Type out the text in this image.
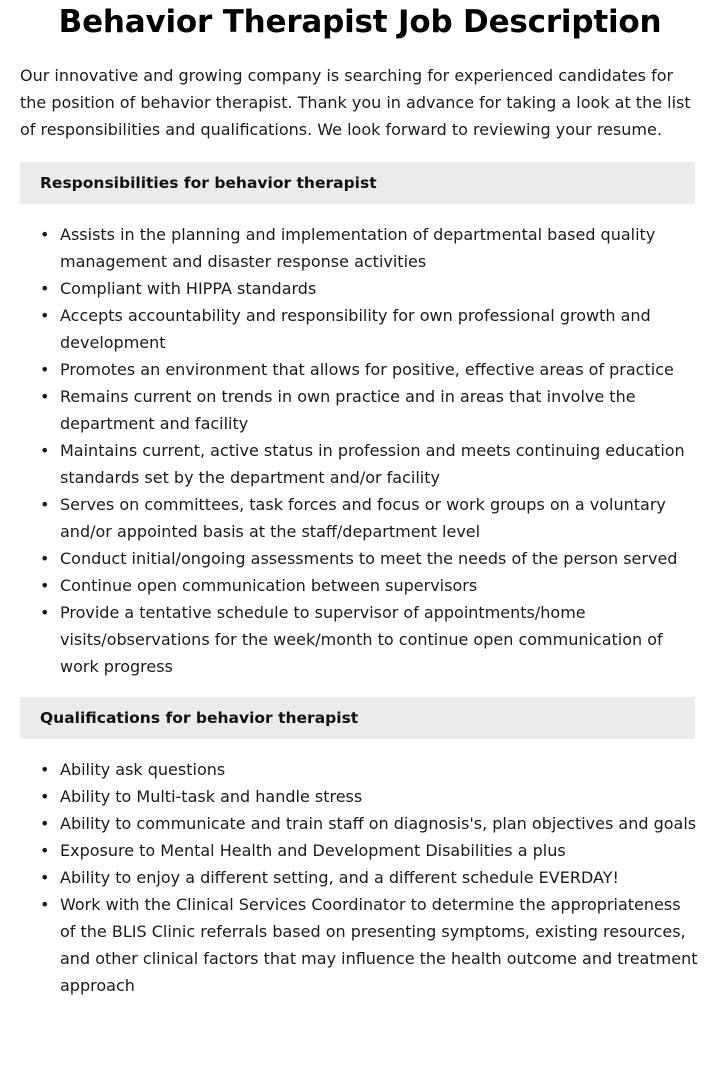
Behavior Therapist Job Description

Our innovative and growing company is searching for experienced candidates for the position of behavior therapist. Thank you in advance for taking a look at the list of responsibilities and qualifications. We look forward to reviewing your resume.

Responsibilities for behavior therapist
• Assists in the planning and implementation of departmental based quality management and disaster response activities
• Compliant with HIPPA standards
• Accepts accountability and responsibility for own professional growth and development
• Promotes an environment that allows for positive, effective areas of practice
• Remains current on trends in own practice and in areas that involve the department and facility
• Maintains current, active status in profession and meets continuing education standards set by the department and/or facility
• Serves on committees, task forces and focus or work groups on a voluntary and/or appointed basis at the staff/department level
• Conduct initial/ongoing assessments to meet the needs of the person served
• Continue open communication between supervisors
• Provide a tentative schedule to supervisor of appointments/home visits/observations for the week/month to continue open communication of work progress
Qualifications for behavior therapist
• Ability ask questions
• Ability to Multi-task and handle stress
• Ability to communicate and train staff on diagnosis's, plan objectives and goals
• Exposure to Mental Health and Development Disabilities a plus
• Ability to enjoy a different setting, and a different schedule EVERDAY!
• Work with the Clinical Services Coordinator to determine the appropriateness of the BLIS Clinic referrals based on presenting symptoms, existing resources, and other clinical factors that may influence the health outcome and treatment approach
